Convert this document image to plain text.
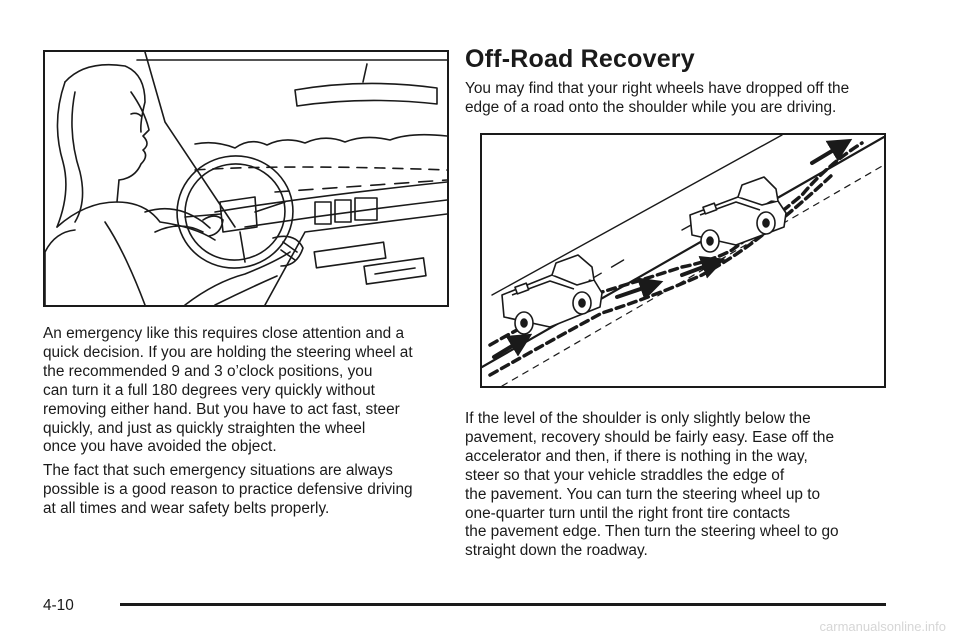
An emergency like this requires close attention and a
quick decision. If you are holding the steering wheel at
the recommended 9 and 3 o’clock positions, you
can turn it a full 180 degrees very quickly without
removing either hand. But you have to act fast, steer
quickly, and just as quickly straighten the wheel
once you have avoided the object.

The fact that such emergency situations are always
possible is a good reason to practice defensive driving
at all times and wear safety belts properly.

Off-Road Recovery

You may find that your right wheels have dropped off the
edge of a road onto the shoulder while you are driving.

If the level of the shoulder is only slightly below the
pavement, recovery should be fairly easy. Ease off the
accelerator and then, if there is nothing in the way,
steer so that your vehicle straddles the edge of
the pavement. You can turn the steering wheel up to
one-quarter turn until the right front tire contacts
the pavement edge. Then turn the steering wheel to go
straight down the roadway.

4-10
carmanualsonline.info
